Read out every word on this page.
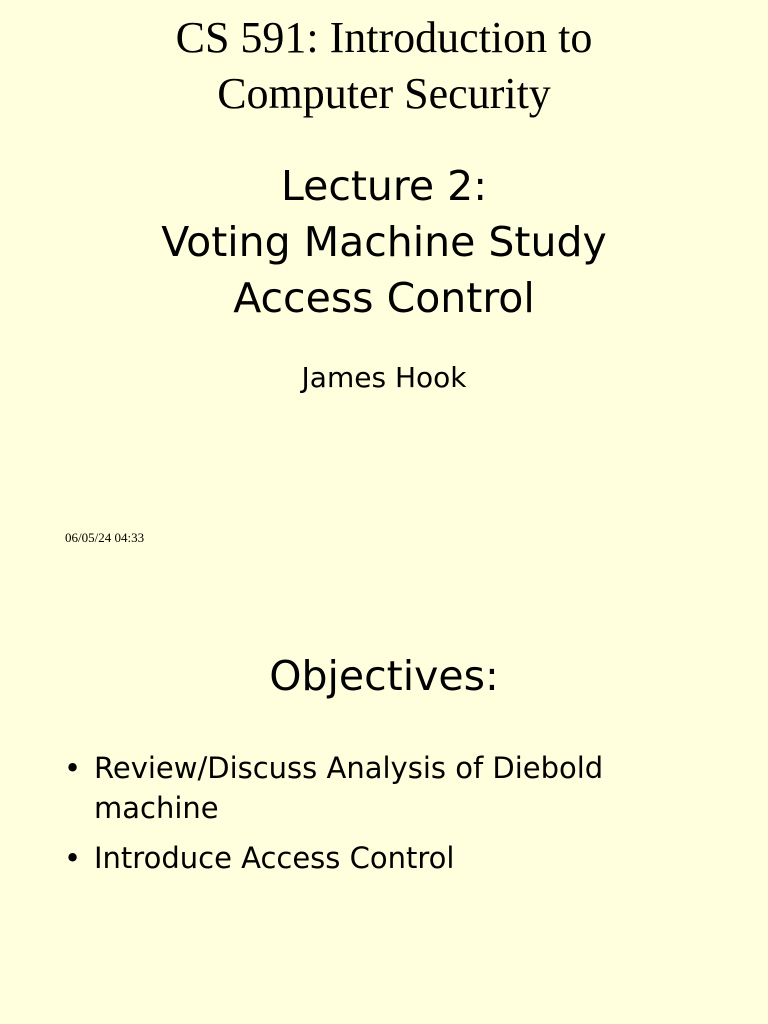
CS 591: Introduction to
Computer Security
Lecture 2:
Voting Machine Study
Access Control

James Hook

06/05/24 04:33
Objectives:
• Review/Discuss Analysis of Diebold machine
• Introduce Access Control
